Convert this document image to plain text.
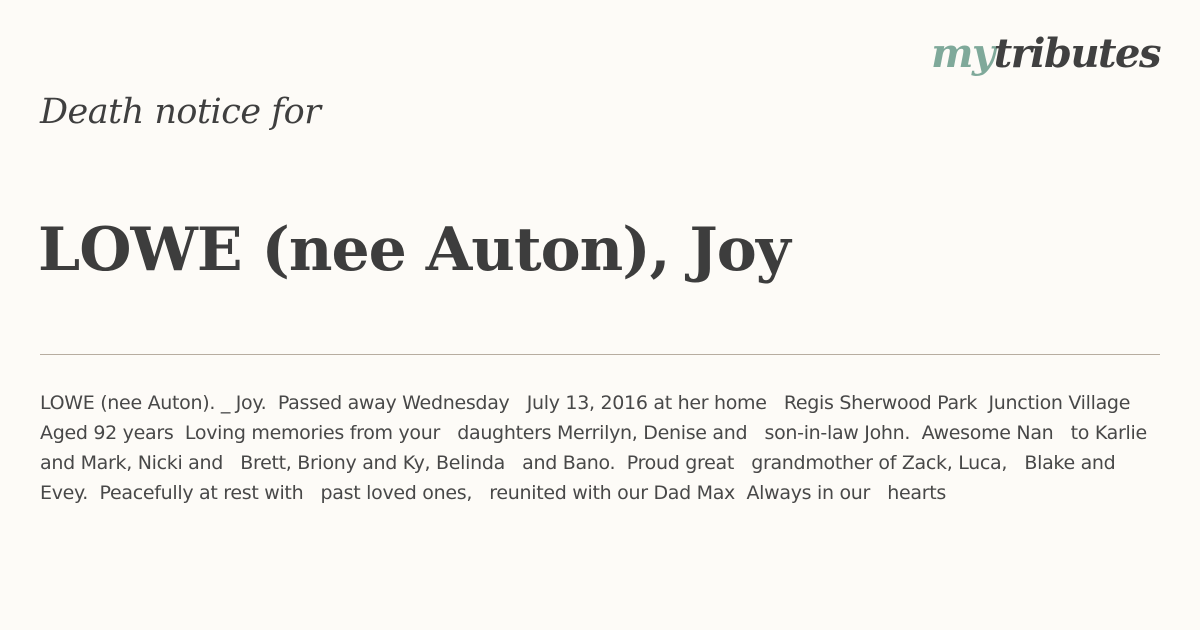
mytributes
Death notice for
LOWE (nee Auton), Joy
LOWE (nee Auton). _ Joy.  Passed away Wednesday   July 13, 2016 at her home   Regis Sherwood Park  Junction Village  Aged 92 years  Loving memories from your   daughters Merrilyn, Denise and   son-in-law John.  Awesome Nan   to Karlie and Mark, Nicki and   Brett, Briony and Ky, Belinda   and Bano.  Proud great   grandmother of Zack, Luca,   Blake and Evey.  Peacefully at rest with   past loved ones,   reunited with our Dad Max  Always in our   hearts
